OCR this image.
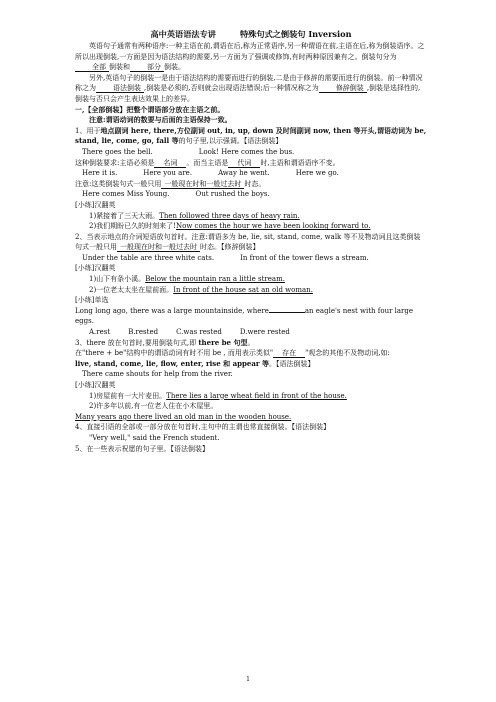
高中英语语法专讲	特殊句式之倒装句 Inversion

英语句子通常有两种语序:一种主语在前,谓语在后,称为正常语序,另一种谓语在前,主语在后,称为倒装语序。之所以出现倒装,一方面是因为语法结构的需要,另一方面为了强调或修饰,有时两种原因兼有之。倒装句分为全部 倒装和 部分 倒装。

另外,英语句子的倒装一是由于语法结构的需要而进行的倒装,二是由于修辞的需要而进行的倒装。前一种情况称之为 语法倒装 ,倒装是必须的,否则就会出现语法错误;后一种情况称之为 修辞倒装 ,倒装是选择性的,倒装与否只会产生表达效果上的差异。

一,【全部倒装】把整个谓语部分放在主语之前。

注意:谓语动词的数要与后面的主语保持一致。

1、用于地点副词 here, there,方位副词 out, in, up, down 及时间副词 now, then 等开头,谓语动词为 be, stand, lie, come, go, fall 等的句子里,以示强调。【语法倒装】

There goes the bell.	Look! Here comes the bus.

这种倒装要求:主语必须是 名词 。而当主语是 代词 时,主语和谓语语序不变。

Here it is.	Here you are.	Away he went.	Here we go.

注意:这类倒装句式一般只用 一般现在时和一般过去时 时态。

Here comes Miss Young.	Out rushed the boys.

[小练]汉翻英

1)紧接着了三天大雨。Then followed three days of heavy rain.

2)我们期盼已久的时刻来了!Now comes the hour we have been looking forward to.

2、当表示地点的介词短语放句首时。注意:谓语多为 be, lie, sit, stand, come, walk 等不及物动词且这类倒装句式一般只用 一般现在时和一般过去时 时态。【修辞倒装】

Under the table are three white cats.	In front of the tower flews a stream.

[小练]汉翻英

1)山下有条小溪。Below the mountain ran a little stream.

2)一位老太太坐在屋前面。In front of the house sat an old woman.

[小练]单选

Long long ago, there was a large mountainside, where	an eagle's nest with four large eggs.

A.rest	B.rested	C.was rested	D.were rested

3、there 放在句首时,要用倒装句式,即 there be 句型。

在"there + be"结构中的谓语动词有时不用 be , 而用表示类似" 存在 "观念的其他不及物动词,如:
live, stand, come, lie, flow, enter, rise 和 appear 等。【语法倒装】

There came shouts for help from the river.

[小练]汉翻英

1)房屋前有一大片麦田。There lies a large wheat field in front of the house.

2)许多年以前,有一位老人住在小木屋里。

Many years ago there lived an old man in the wooden house.

4、直接引语的全部或一部分放在句首时,主句中的主谓也常直接倒装。【语法倒装】

"Very well," said the French student.

5、在一些表示祝愿的句子里。【语法倒装】

1
